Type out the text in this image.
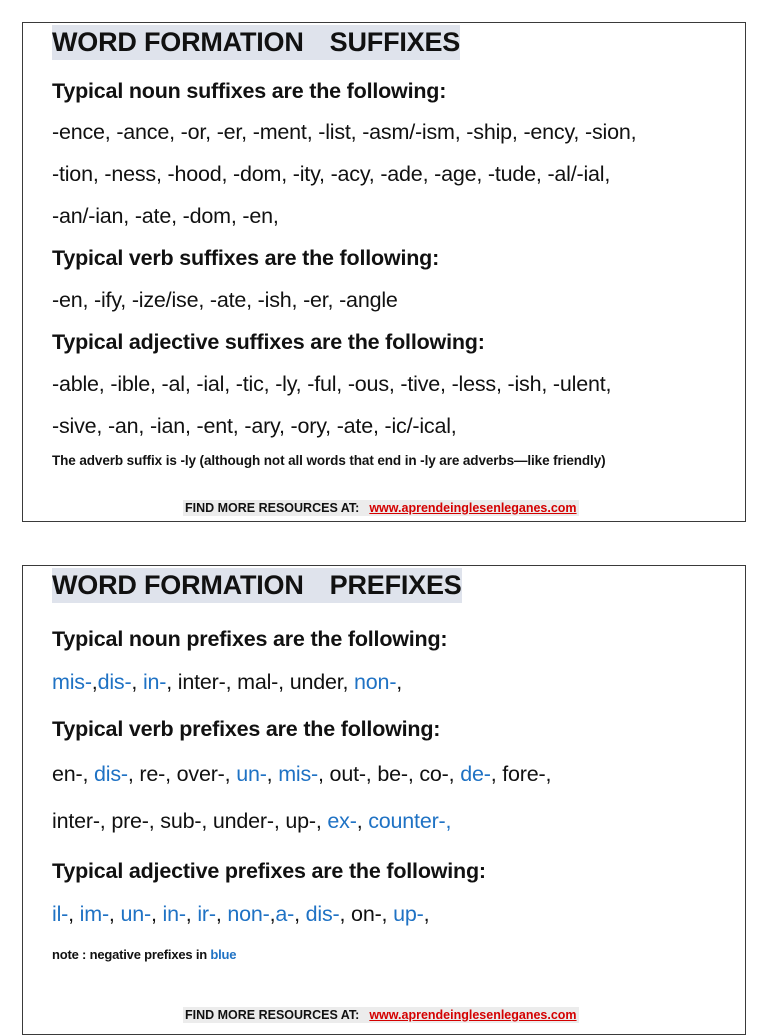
WORD FORMATION SUFFIXES
Typical noun suffixes are the following:
-ence, -ance, -or, -er, -ment, -list, -asm/-ism, -ship, -ency, -sion,
-tion, -ness, -hood, -dom, -ity, -acy, -ade, -age, -tude, -al/-ial,
-an/-ian, -ate, -dom, -en,
Typical verb suffixes are the following:
-en, -ify, -ize/ise, -ate, -ish, -er, -angle
Typical adjective suffixes are the following:
-able, -ible, -al, -ial, -tic, -ly, -ful, -ous, -tive, -less, -ish, -ulent,
-sive, -an, -ian, -ent, -ary, -ory, -ate, -ic/-ical,
The adverb suffix is -ly (although not all words that end in -ly are adverbs—like friendly)
FIND MORE RESOURCES AT: www.aprendeinglesenleganes.com
WORD FORMATION PREFIXES
Typical noun prefixes are the following:
mis-,dis-, in-, inter-, mal-, under, non-,
Typical verb prefixes are the following:
en-, dis-, re-, over-, un-, mis-, out-, be-, co-, de-, fore-,
inter-, pre-, sub-, under-, up-, ex-, counter-,
Typical adjective prefixes are the following:
il-, im-, un-, in-, ir-, non-,a-, dis-, on-, up-,
note : negative prefixes in blue
FIND MORE RESOURCES AT: www.aprendeinglesenleganes.com
